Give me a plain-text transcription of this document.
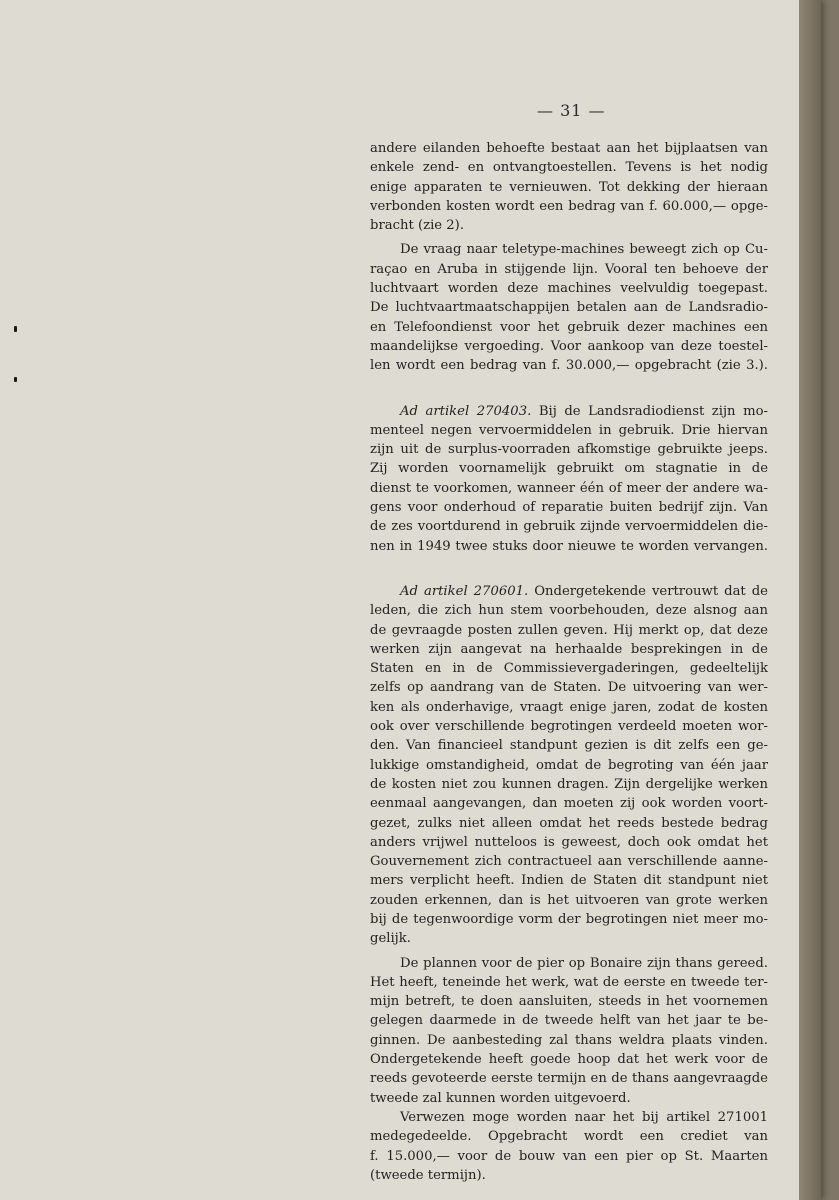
— 31 —
andere eilanden behoefte bestaat aan het bijplaatsen van
enkele zend- en ontvangtoestellen. Tevens is het nodig
enige apparaten te vernieuwen. Tot dekking der hieraan
verbonden kosten wordt een bedrag van f. 60.000,— opge-
bracht (zie 2).
De vraag naar teletype-machines beweegt zich op Cu-
raçao en Aruba in stijgende lijn. Vooral ten behoeve der
luchtvaart worden deze machines veelvuldig toegepast.
De luchtvaartmaatschappijen betalen aan de Landsradio-
en Telefoondienst voor het gebruik dezer machines een
maandelijkse vergoeding. Voor aankoop van deze toestel-
len wordt een bedrag van f. 30.000,— opgebracht (zie 3.).
Ad artikel 270403. Bij de Landsradiodienst zijn mo-
menteel negen vervoermiddelen in gebruik. Drie hiervan
zijn uit de surplus-voorraden afkomstige gebruikte jeeps.
Zij worden voornamelijk gebruikt om stagnatie in de
dienst te voorkomen, wanneer één of meer der andere wa-
gens voor onderhoud of reparatie buiten bedrijf zijn. Van
de zes voortdurend in gebruik zijnde vervoermiddelen die-
nen in 1949 twee stuks door nieuwe te worden vervangen.
Ad artikel 270601. Ondergetekende vertrouwt dat de
leden, die zich hun stem voorbehouden, deze alsnog aan
de gevraagde posten zullen geven. Hij merkt op, dat deze
werken zijn aangevat na herhaalde besprekingen in de
Staten en in de Commissievergaderingen, gedeeltelijk
zelfs op aandrang van de Staten. De uitvoering van wer-
ken als onderhavige, vraagt enige jaren, zodat de kosten
ook over verschillende begrotingen verdeeld moeten wor-
den. Van financieel standpunt gezien is dit zelfs een ge-
lukkige omstandigheid, omdat de begroting van één jaar
de kosten niet zou kunnen dragen. Zijn dergelijke werken
eenmaal aangevangen, dan moeten zij ook worden voort-
gezet, zulks niet alleen omdat het reeds bestede bedrag
anders vrijwel nutteloos is geweest, doch ook omdat het
Gouvernement zich contractueel aan verschillende aanne-
mers verplicht heeft. Indien de Staten dit standpunt niet
zouden erkennen, dan is het uitvoeren van grote werken
bij de tegenwoordige vorm der begrotingen niet meer mo-
gelijk.
De plannen voor de pier op Bonaire zijn thans gereed.
Het heeft, teneinde het werk, wat de eerste en tweede ter-
mijn betreft, te doen aansluiten, steeds in het voornemen
gelegen daarmede in de tweede helft van het jaar te be-
ginnen. De aanbesteding zal thans weldra plaats vinden.
Ondergetekende heeft goede hoop dat het werk voor de
reeds gevoteerde eerste termijn en de thans aangevraagde
tweede zal kunnen worden uitgevoerd.
Verwezen moge worden naar het bij artikel 271001
medegedeelde. Opgebracht wordt een crediet van
f. 15.000,— voor de bouw van een pier op St. Maarten
(tweede termijn).
